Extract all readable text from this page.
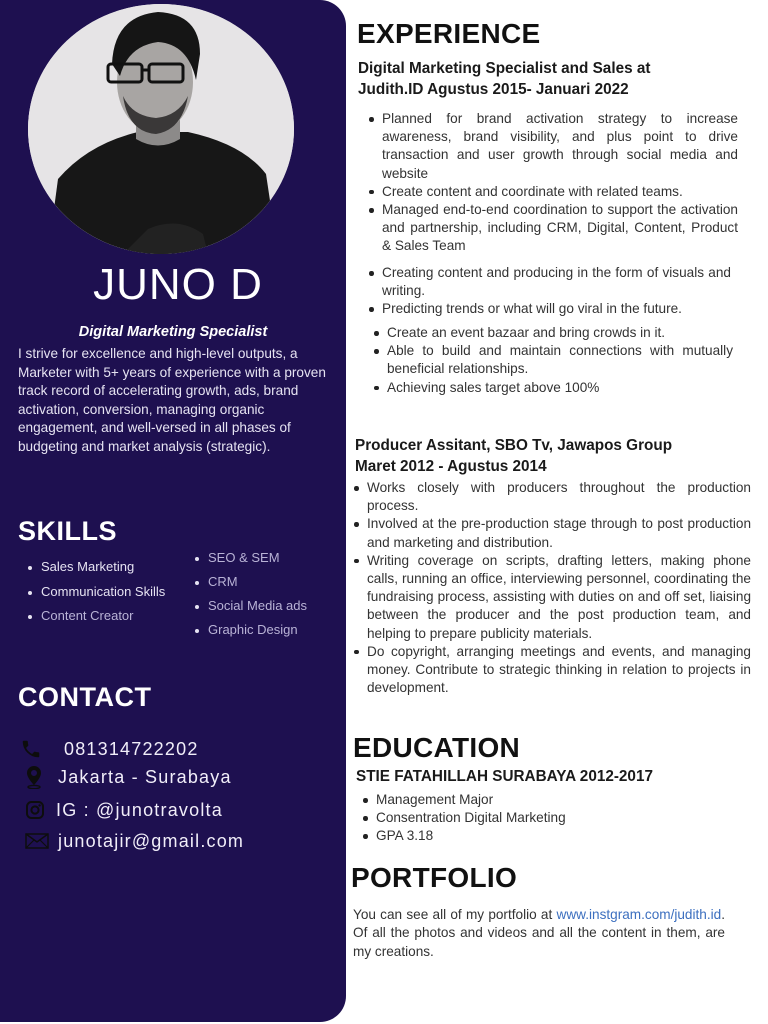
JUNO D
Digital Marketing Specialist
I strive for excellence and high-level outputs, a Marketer with 5+ years of experience with a proven track record of accelerating growth, ads, brand activation, conversion, managing organic engagement, and well-versed in all phases of budgeting and market analysis (strategic).
SKILLS
Sales Marketing
Communication Skills
Content Creator
SEO & SEM
CRM
Social Media ads
Graphic Design
CONTACT
081314722202
Jakarta - Surabaya
IG : @junotravolta
junotajir@gmail.com
EXPERIENCE
Digital Marketing Specialist and Sales at
Judith.ID Agustus 2015- Januari 2022
Planned for brand activation strategy to increase awareness, brand visibility, and plus point to drive transaction and user growth through social media and website
Create content and coordinate with related teams.
Managed end-to-end coordination to support the activation and partnership, including CRM, Digital, Content, Product & Sales Team
Creating content and producing in the form of visuals and writing.
Predicting trends or what will go viral in the future.
Create an event bazaar and bring crowds in it.
Able to build and maintain connections with mutually beneficial relationships.
Achieving sales target above 100%
Producer Assitant, SBO Tv, Jawapos Group
Maret 2012 - Agustus 2014
Works closely with producers throughout the production process.
Involved at the pre-production stage through to post production and marketing and distribution.
Writing coverage on scripts, drafting letters, making phone calls, running an office, interviewing personnel, coordinating the fundraising process, assisting with duties on and off set, liaising between the producer and the post production team, and helping to prepare publicity materials.
Do copyright, arranging meetings and events, and managing money. Contribute to strategic thinking in relation to projects in development.
EDUCATION
STIE FATAHILLAH SURABAYA 2012-2017
Management Major
Consentration Digital Marketing
GPA 3.18
PORTFOLIO
You can see all of my portfolio at www.instgram.com/judith.id. Of all the photos and videos and all the content in them, are my creations.
